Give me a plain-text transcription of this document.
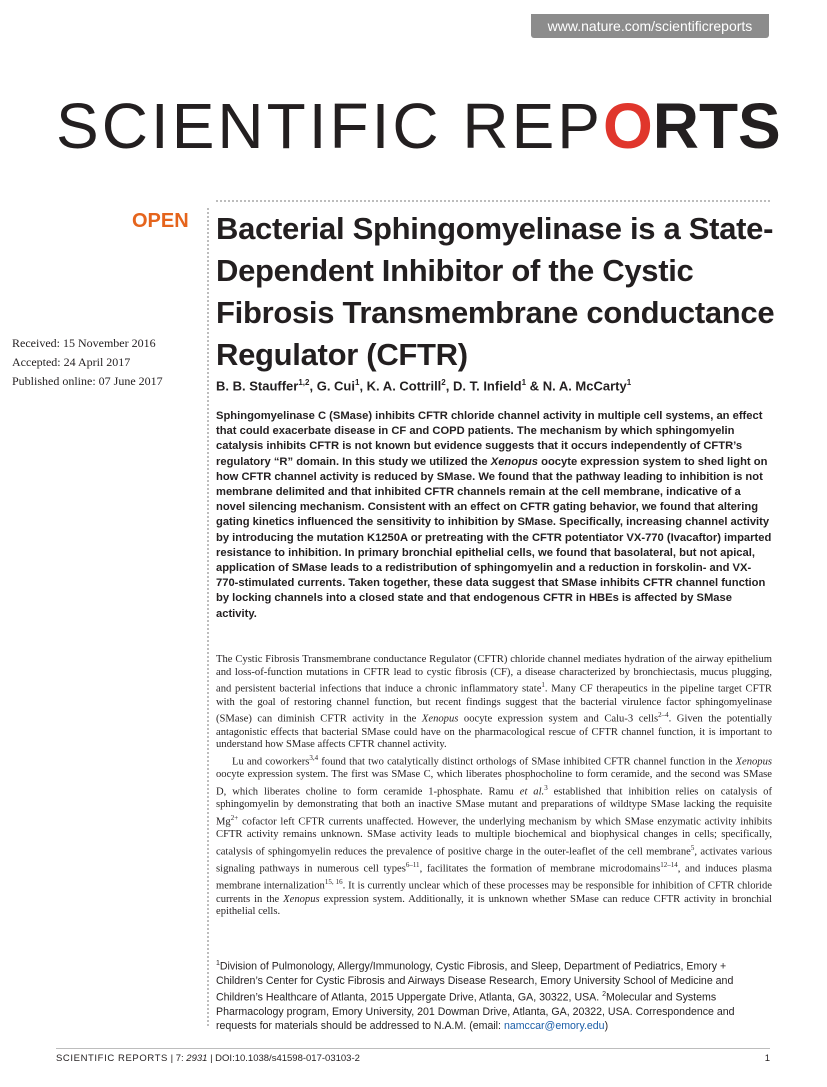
www.nature.com/scientificreports
SCIENTIFIC REPORTS
OPEN Bacterial Sphingomyelinase is a State-Dependent Inhibitor of the Cystic Fibrosis Transmembrane conductance Regulator (CFTR)
Received: 15 November 2016
Accepted: 24 April 2017
Published online: 07 June 2017	B. B. Stauffer$^{1,2}$, G. Cui$^1$, K. A. Cottrill$^2$, D. T. Infield$^1$ & N. A. McCarty$^1$
Sphingomyelinase C (SMase) inhibits CFTR chloride channel activity in multiple cell systems, an effect that could exacerbate disease in CF and COPD patients. The mechanism by which sphingomyelin catalysis inhibits CFTR is not known but evidence suggests that it occurs independently of CFTR’s regulatory “R” domain. In this study we utilized the Xenopus oocyte expression system to shed light on how CFTR channel activity is reduced by SMase. We found that the pathway leading to inhibition is not membrane delimited and that inhibited CFTR channels remain at the cell membrane, indicative of a novel silencing mechanism. Consistent with an effect on CFTR gating behavior, we found that altering gating kinetics influenced the sensitivity to inhibition by SMase. Specifically, increasing channel activity by introducing the mutation K1250A or pretreating with the CFTR potentiator VX-770 (Ivacaftor) imparted resistance to inhibition. In primary bronchial epithelial cells, we found that basolateral, but not apical, application of SMase leads to a redistribution of sphingomyelin and a reduction in forskolin- and VX-770-stimulated currents. Taken together, these data suggest that SMase inhibits CFTR channel function by locking channels into a closed state and that endogenous CFTR in HBEs is affected by SMase activity.

The Cystic Fibrosis Transmembrane conductance Regulator (CFTR) chloride channel mediates hydration of the airway epithelium and loss-of-function mutations in CFTR lead to cystic fibrosis (CF), a disease characterized by bronchiectasis, mucus plugging, and persistent bacterial infections that induce a chronic inflammatory state$^1$. Many CF therapeutics in the pipeline target CFTR with the goal of restoring channel function, but recent findings suggest that the bacterial virulence factor sphingomyelinase (SMase) can diminish CFTR activity in the Xenopus oocyte expression system and Calu-3 cells$^{2-4}$. Given the potentially antagonistic effects that bacterial SMase could have on the pharmacological rescue of CFTR channel function, it is important to understand how SMase affects CFTR channel activity.

Lu and coworkers$^{3,4}$ found that two catalytically distinct orthologs of SMase inhibited CFTR channel function in the Xenopus oocyte expression system. The first was SMase C, which liberates phosphocholine to form ceramide, and the second was SMase D, which liberates choline to form ceramide 1-phosphate. Ramu et al.$^3$ established that inhibition relies on catalysis of sphingomyelin by demonstrating that both an inactive SMase mutant and preparations of wildtype SMase lacking the requisite $Mg^{2+}$ cofactor left CFTR currents unaffected. However, the underlying mechanism by which SMase enzymatic activity inhibits CFTR activity remains unknown. SMase activity leads to multiple biochemical and biophysical changes in cells; specifically, catalysis of sphingomyelin reduces the prevalence of positive charge in the outer-leaflet of the cell membrane$^5$, activates various signaling pathways in numerous cell types$^{6-11}$, facilitates the formation of membrane microdomains$^{12-14}$, and induces plasma membrane internalization$^{15, 16}$. It is currently unclear which of these processes may be responsible for inhibition of CFTR chloride currents in the Xenopus expression system. Additionally, it is unknown whether SMase can reduce CFTR activity in bronchial epithelial cells.

$^1$Division of Pulmonology, Allergy/Immunology, Cystic Fibrosis, and Sleep, Department of Pediatrics, Emory + Children’s Center for Cystic Fibrosis and Airways Disease Research, Emory University School of Medicine and Children’s Healthcare of Atlanta, 2015 Uppergate Drive, Atlanta, GA, 30322, USA. $^2$Molecular and Systems Pharmacology program, Emory University, 201 Dowman Drive, Atlanta, GA, 20322, USA. Correspondence and requests for materials should be addressed to N.A.M. (email: namccar@emory.edu)
SCIENTIFIC REPORTS | 7: 2931 | DOI:10.1038/s41598-017-03103-2	1
